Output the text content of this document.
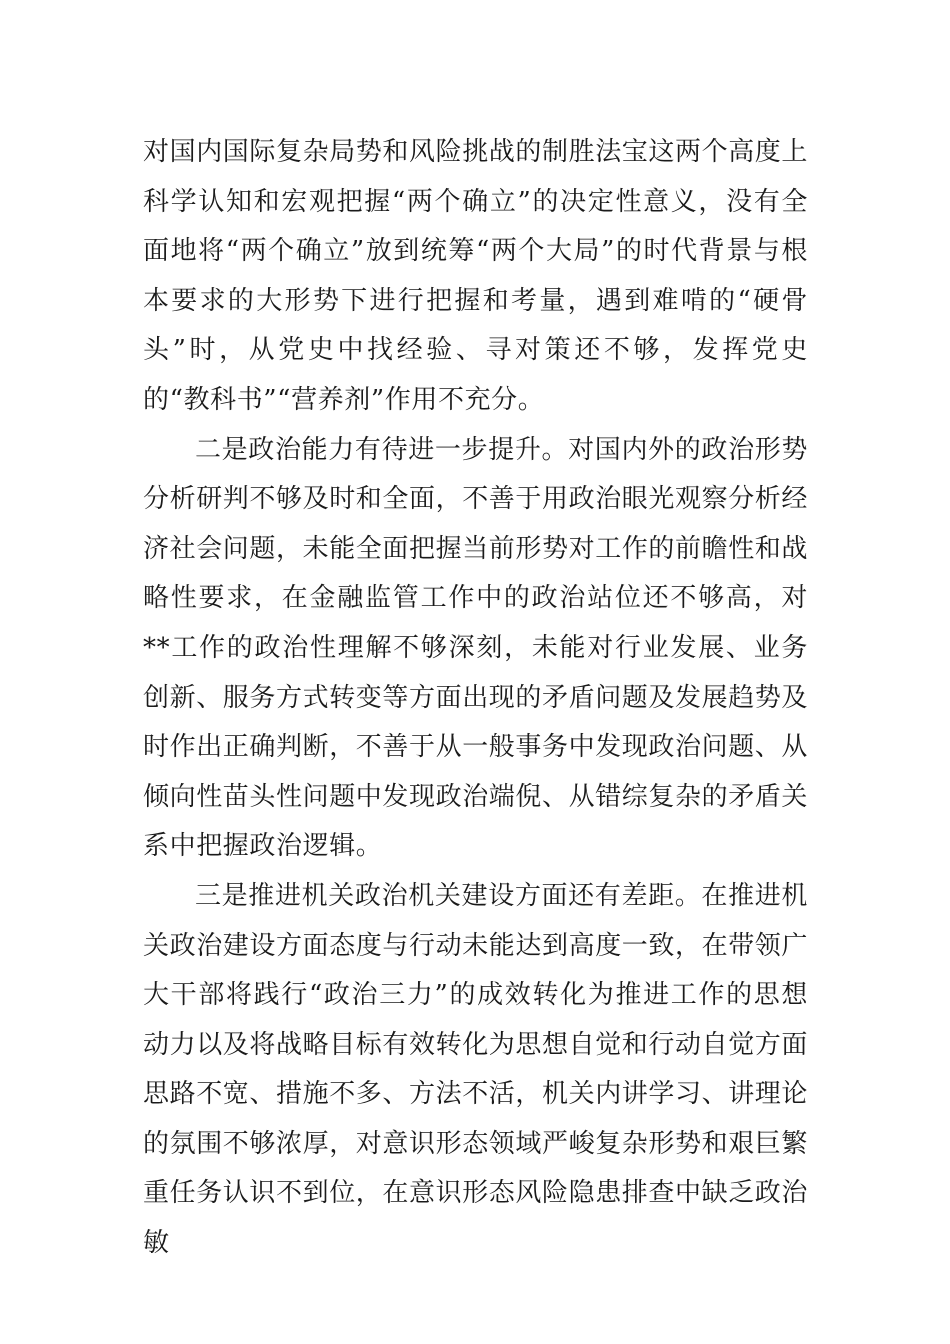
对国内国际复杂局势和风险挑战的制胜法宝这两个高度上科学认知和宏观把握“两个确立”的决定性意义，没有全面地将“两个确立”放到统筹“两个大局”的时代背景与根本要求的大形势下进行把握和考量，遇到难啃的“硬骨头”时，从党史中找经验、寻对策还不够，发挥党史的“教科书”“营养剂”作用不充分。

二是政治能力有待进一步提升。对国内外的政治形势分析研判不够及时和全面，不善于用政治眼光观察分析经济社会问题，未能全面把握当前形势对工作的前瞻性和战略性要求，在金融监管工作中的政治站位还不够高，对**工作的政治性理解不够深刻，未能对行业发展、业务创新、服务方式转变等方面出现的矛盾问题及发展趋势及时作出正确判断，不善于从一般事务中发现政治问题、从倾向性苗头性问题中发现政治端倪、从错综复杂的矛盾关系中把握政治逻辑。

三是推进机关政治机关建设方面还有差距。在推进机关政治建设方面态度与行动未能达到高度一致，在带领广大干部将践行“政治三力”的成效转化为推进工作的思想动力以及将战略目标有效转化为思想自觉和行动自觉方面思路不宽、措施不多、方法不活，机关内讲学习、讲理论的氛围不够浓厚，对意识形态领域严峻复杂形势和艰巨繁重任务认识不到位，在意识形态风险隐患排查中缺乏政治敏
